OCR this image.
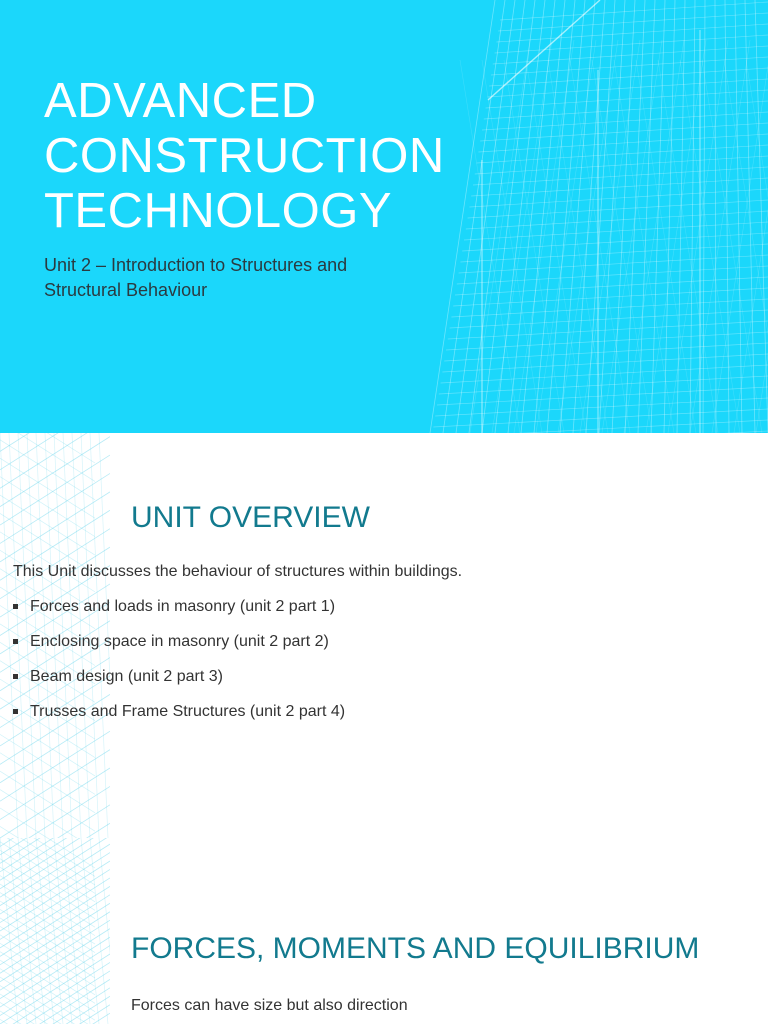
ADVANCED
CONSTRUCTION
TECHNOLOGY
Unit 2 – Introduction to Structures and
Structural Behaviour
UNIT OVERVIEW

This Unit discusses the behaviour of structures within buildings.

Forces and loads in masonry (unit 2 part 1)
Enclosing space in masonry (unit 2 part 2)
Beam design (unit 2 part 3)
Trusses and Frame Structures (unit 2 part 4)
FORCES, MOMENTS AND EQUILIBRIUM

Forces can have size but also direction
